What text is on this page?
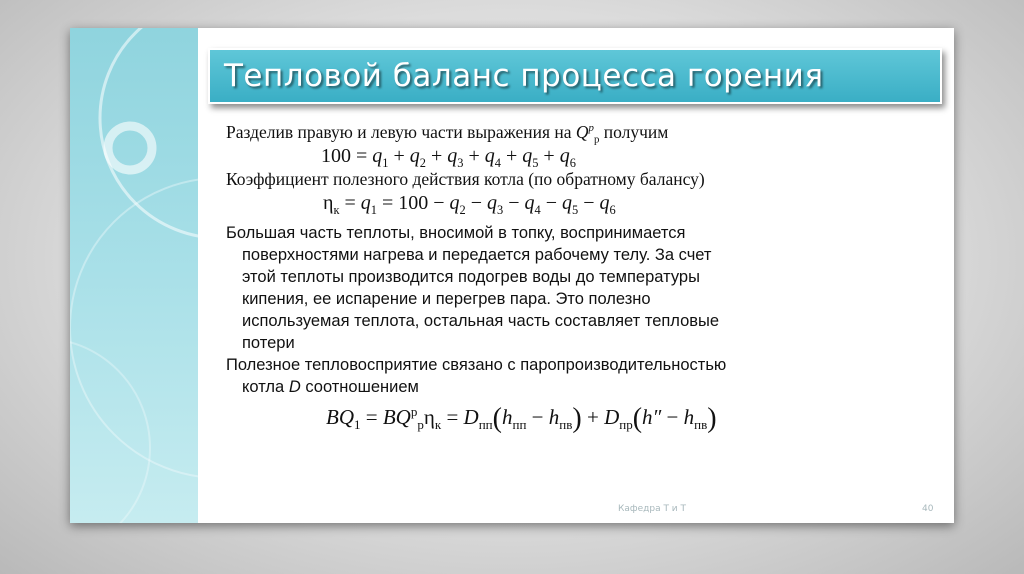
Тепловой баланс процесса горения
Разделив правую и левую части выражения на $Q^p_р$ получим
$100 = q_1 + q_2 + q_3 + q_4 + q_5 + q_6$
Коэффициент полезного действия котла (по обратному балансу)
$\eta_к = q_1 = 100 - q_2 - q_3 - q_4 - q_5 - q_6$
Большая часть теплоты, вносимой в топку, воспринимается
поверхностями нагрева и передается рабочему телу. За счет
этой теплоты производится подогрев воды до температуры
кипения, ее испарение и перегрев пара. Это полезно
используемая теплота, остальная часть составляет тепловые
потери
Полезное тепловосприятие связано с паропроизводительностью
котла D соотношением
$BQ_1 = BQ^р_р\eta_к = D_{пп}(h_{пп} - h_{пв}) + D_{пр}(h'' - h_{пв})$
Кафедра Т и Т	40
